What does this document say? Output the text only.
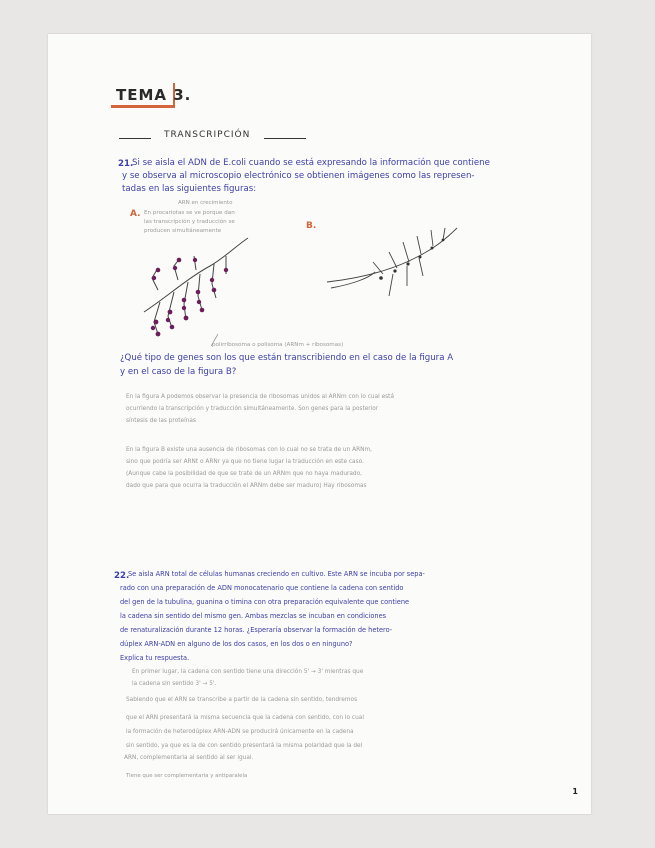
TEMA 3.
TRANSCRIPCIÓN
21.
Si se aisla el ADN de E.coli cuando se está expresando la información que contiene
y se observa al microscopio electrónico se obtienen imágenes como las represen-
tadas en las siguientes figuras:
ARN en crecimiento
A. En procariotas se ve porque dan
las transcripción y traducción se
producen simultáneamente	B.
polirribosoma o polisoma (ARNm + ribosomas)
¿Qué tipo de genes son los que están transcribiendo en el caso de la figura A
y en el caso de la figura B?
En la figura A podemos observar la presencia de ribosomas unidos al ARNm con lo cual está
ocurriendo la transcripción y traducción simultáneamente. Son genes para la posterior
síntesis de las proteínas
En la figura B existe una ausencia de ribosomas con lo cual no se trata de un ARNm,
sino que podría ser ARNt o ARNr ya que no tiene lugar la traducción en este caso.
(Aunque cabe la posibilidad de que se trate de un ARNm que no haya madurado,
dado que para que ocurra la traducción el ARNm debe ser maduro) Hay ribosomas
22.
Se aisla ARN total de células humanas creciendo en cultivo. Este ARN se incuba por sepa-
rado con una preparación de ADN monocatenario que contiene la cadena con sentido
del gen de la tubulina, guanina o timina con otra preparación equivalente que contiene
la cadena sin sentido del mismo gen. Ambas mezclas se incuban en condiciones
de renaturalización durante 12 horas. ¿Esperaría observar la formación de hetero-
dúplex ARN-ADN en alguno de los dos casos, en los dos o en ninguno?
Explica tu respuesta.
En primer lugar, la cadena con sentido tiene una dirección 5' → 3' mientras que
la cadena sin sentido 3' → 5'.
Sabiendo que el ARN se transcribe a partir de la cadena sin sentido, tendremos
que el ARN presentará la misma secuencia que la cadena con sentido, con lo cual
la formación de heterodúplex ARN-ADN se producirá únicamente en la cadena
sin sentido, ya que es la de con sentido presentará la misma polaridad que la del
ARN, complementaria al sentido al ser igual.
Tiene que ser complementaria y antiparalela
1
